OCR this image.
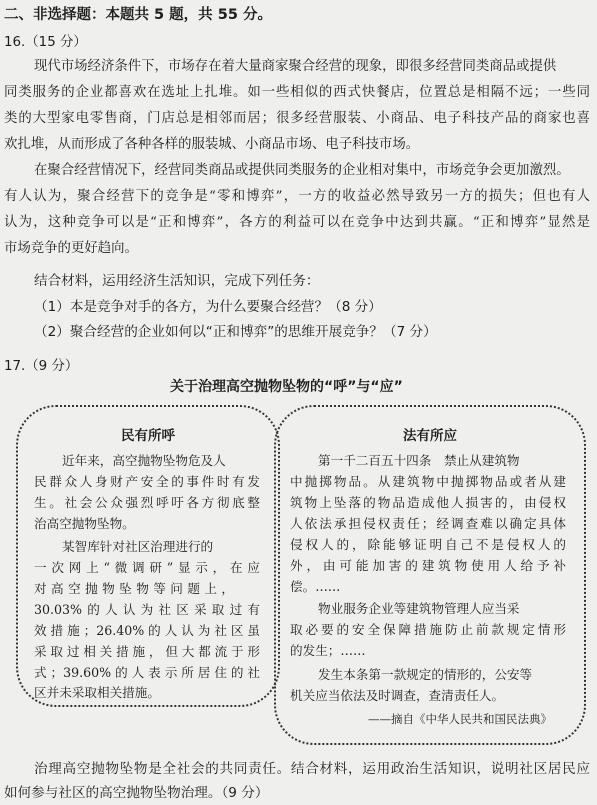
二、非选择题：本题共 5 题，共 55 分。
16.（15 分）
现代市场经济条件下，市场存在着大量商家聚合经营的现象，即很多经营同类商品或提供
同类服务的企业都喜欢在选址上扎堆。如一些相似的西式快餐店，位置总是相隔不远；一些同
类的大型家电零售商，门店总是相邻而居；很多经营服装、小商品、电子科技产品的商家也喜
欢扎堆，从而形成了各种各样的服装城、小商品市场、电子科技市场。
在聚合经营情况下，经营同类商品或提供同类服务的企业相对集中，市场竞争会更加激烈。
有人认为，聚合经营下的竞争是“零和博弈”，一方的收益必然导致另一方的损失；但也有人
认为，这种竞争可以是“正和博弈”，各方的利益可以在竞争中达到共赢。“正和博弈”显然是
市场竞争的更好趋向。
结合材料，运用经济生活知识，完成下列任务：
（1）本是竞争对手的各方，为什么要聚合经营？（8 分）
（2）聚合经营的企业如何以“正和博弈”的思维开展竞争？（7 分）
17.（9 分）
关于治理高空抛物坠物的“呼”与“应”
民有所呼
近年来，高空抛物坠物危及人
民群众人身财产安全的事件时有发
生。社会公众强烈呼吁各方彻底整
治高空抛物坠物。
某智库针对社区治理进行的
一次网上“微调研”显示，在应
对高空抛物坠物等问题上，
30.03%的人认为社区采取过有
效措施；26.40%的人认为社区虽
采取过相关措施，但大都流于形
式；39.60%的人表示所居住的社
区并未采取相关措施。
法有所应
第一千二百五十四条　禁止从建筑物
中抛掷物品。从建筑物中抛掷物品或者从建
筑物上坠落的物品造成他人损害的，由侵权
人依法承担侵权责任；经调查难以确定具体
侵权人的，除能够证明自己不是侵权人的
外，由可能加害的建筑物使用人给予补
偿。……
物业服务企业等建筑物管理人应当采
取必要的安全保障措施防止前款规定情形
的发生；……
发生本条第一款规定的情形的，公安等
机关应当依法及时调查，查清责任人。
——摘自《中华人民共和国民法典》
治理高空抛物坠物是全社会的共同责任。结合材料，运用政治生活知识，说明社区居民应
如何参与社区的高空抛物坠物治理。（9 分）
